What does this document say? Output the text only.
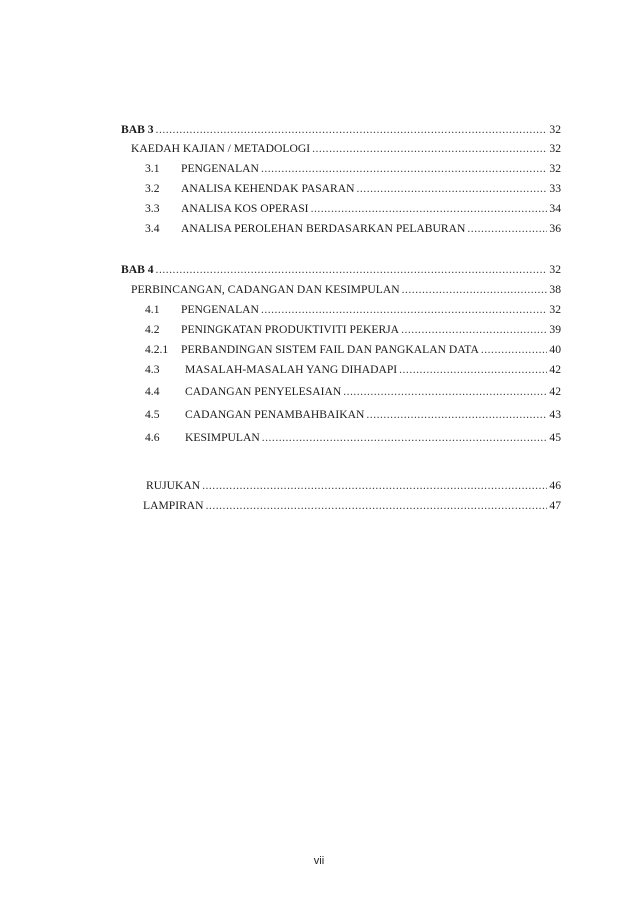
BAB 3 .....	32
KAEDAH KAJIAN / METADOLOGI .....	32
3.1	PENGENALAN .....	32
3.2	ANALISA KEHENDAK PASARAN .....	33
3.3	ANALISA KOS OPERASI .....	34
3.4	ANALISA PEROLEHAN BERDASARKAN PELABURAN .....	36
BAB 4 .....	32
PERBINCANGAN, CADANGAN DAN KESIMPULAN .....	38
4.1	PENGENALAN .....	32
4.2	PENINGKATAN PRODUKTIVITI PEKERJA .....	39
4.2.1	PERBANDINGAN SISTEM FAIL DAN PANGKALAN DATA .....	40
4.3	MASALAH-MASALAH YANG DIHADAPI .....	42
4.4	CADANGAN PENYELESAIAN .....	42
4.5	CADANGAN PENAMBAHBAIKAN .....	43
4.6	KESIMPULAN .....	45
RUJUKAN .....	46
LAMPIRAN .....	47
vii
